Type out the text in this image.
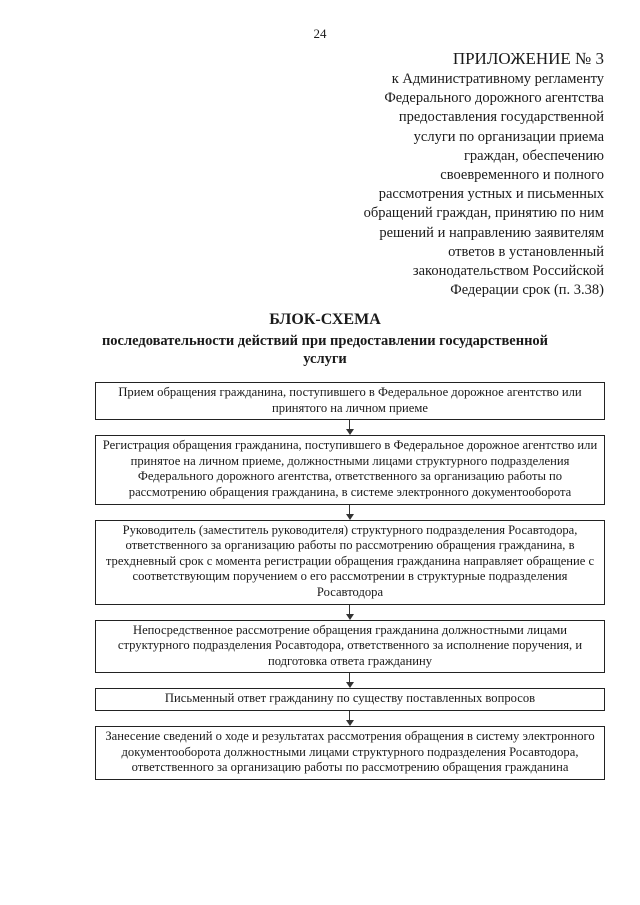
24
ПРИЛОЖЕНИЕ № 3
к Административному регламенту
Федерального дорожного агентства
предоставления государственной
услуги по организации приема
граждан, обеспечению
своевременного и полного
рассмотрения устных и письменных
обращений граждан, принятию по ним
решений и направлению заявителям
ответов в установленный
законодательством Российской
Федерации срок (п. 3.38)
БЛОК-СХЕМА
последовательности действий при предоставлении государственной услуги
Прием обращения гражданина, поступившего в Федеральное дорожное агентство или принятого на личном приеме
Регистрация обращения гражданина, поступившего в Федеральное дорожное агентство или принятое на личном приеме, должностными лицами структурного подразделения Федерального дорожного агентства, ответственного за организацию работы по рассмотрению обращения гражданина, в системе электронного документооборота
Руководитель (заместитель руководителя) структурного подразделения Росавтодора, ответственного за организацию работы по рассмотрению обращения гражданина, в трехдневный срок с момента регистрации обращения гражданина направляет обращение с соответствующим поручением о его рассмотрении в структурные подразделения Росавтодора
Непосредственное рассмотрение обращения гражданина должностными лицами структурного подразделения Росавтодора, ответственного за исполнение поручения, и подготовка ответа гражданину
Письменный ответ гражданину по существу поставленных вопросов
Занесение сведений о ходе и результатах рассмотрения обращения в систему электронного документооборота должностными лицами структурного подразделения Росавтодора, ответственного за организацию работы по рассмотрению обращения гражданина
